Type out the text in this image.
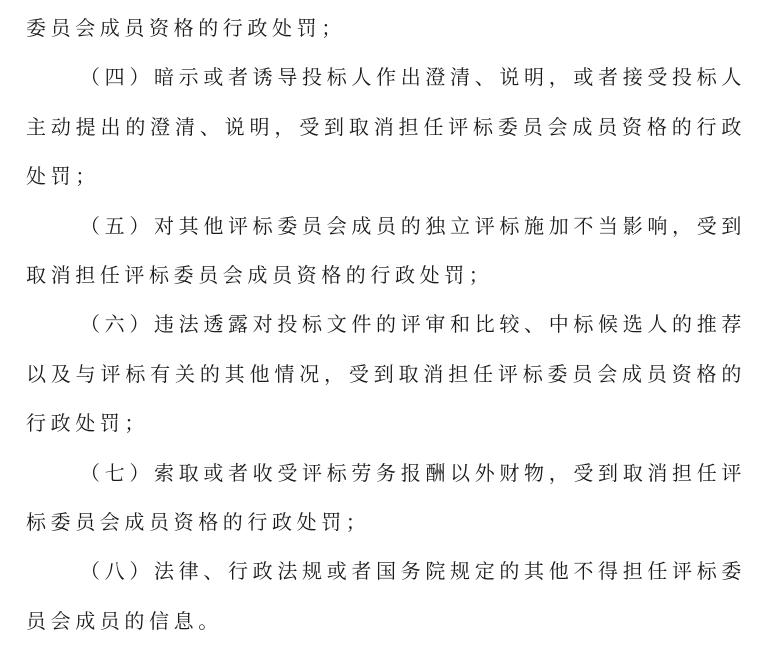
委员会成员资格的行政处罚；

（四）暗示或者诱导投标人作出澄清、说明，或者接受投标人主动提出的澄清、说明，受到取消担任评标委员会成员资格的行政处罚；

（五）对其他评标委员会成员的独立评标施加不当影响，受到取消担任评标委员会成员资格的行政处罚；

（六）违法透露对投标文件的评审和比较、中标候选人的推荐以及与评标有关的其他情况，受到取消担任评标委员会成员资格的行政处罚；

（七）索取或者收受评标劳务报酬以外财物，受到取消担任评标委员会成员资格的行政处罚；

（八）法律、行政法规或者国务院规定的其他不得担任评标委员会成员的信息。
